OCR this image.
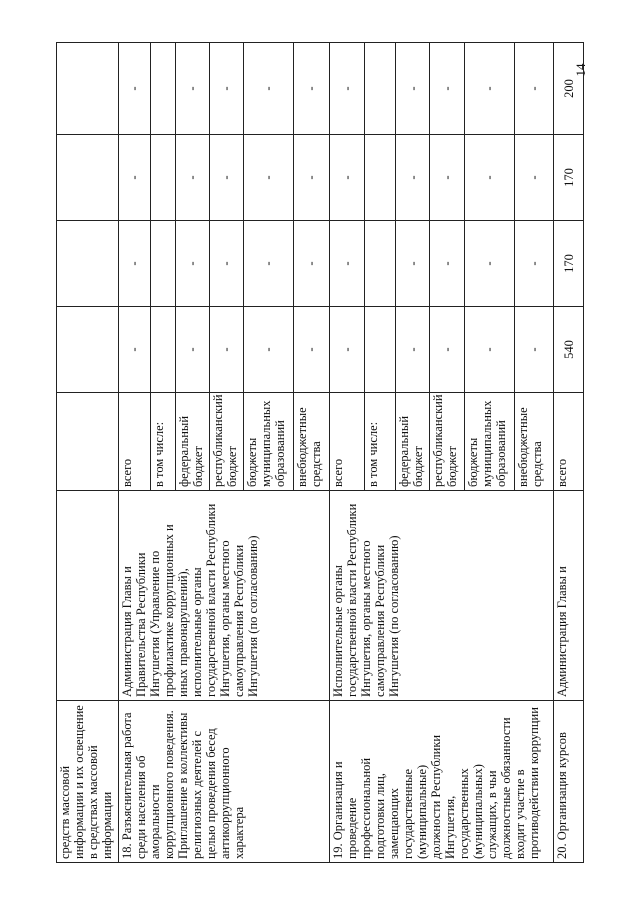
14
средств массовой информации и их освещение в средствах массовой информации						
18. Разъяснительная работа среди населения об аморальности коррупционного поведения. Приглашение в коллективы религиозных деятелей с целью проведения бесед антикоррупционного характера	Администрация Главы и Правительства Республики Ингушетия (Управление по профилактике коррупционных и иных правонарушений), исполнительные органы государственной власти Республики Ингушетия, органы местного самоуправления Республики Ингушетия (по согласованию)	всего	-	-	-	-
		в том числе:				
		федеральный бюджет	-	-	-	-
		республиканский бюджет	-	-	-	-
		бюджеты муниципальных образований	-	-	-	-
		внебюджетные средства	-	-	-	-
19. Организация и проведение профессиональной подготовки лиц, замещающих государственные (муниципальные) должности Республики Ингушетия, государственных (муниципальных) служащих, в чьи должностные обязанности входит участие в противодействии коррупции	Исполнительные органы государственной власти Республики Ингушетия, органы местного самоуправления Республики Ингушетия (по согласованию)	всего	-	-	-	-
		в том числе:				
		федеральный бюджет	-	-	-	-
		республиканский бюджет	-	-	-	-
		бюджеты муниципальных образований	-	-	-	-
		внебюджетные средства	-	-	-	-
20. Организация курсов	Администрация Главы и	всего	540	170	170	200
